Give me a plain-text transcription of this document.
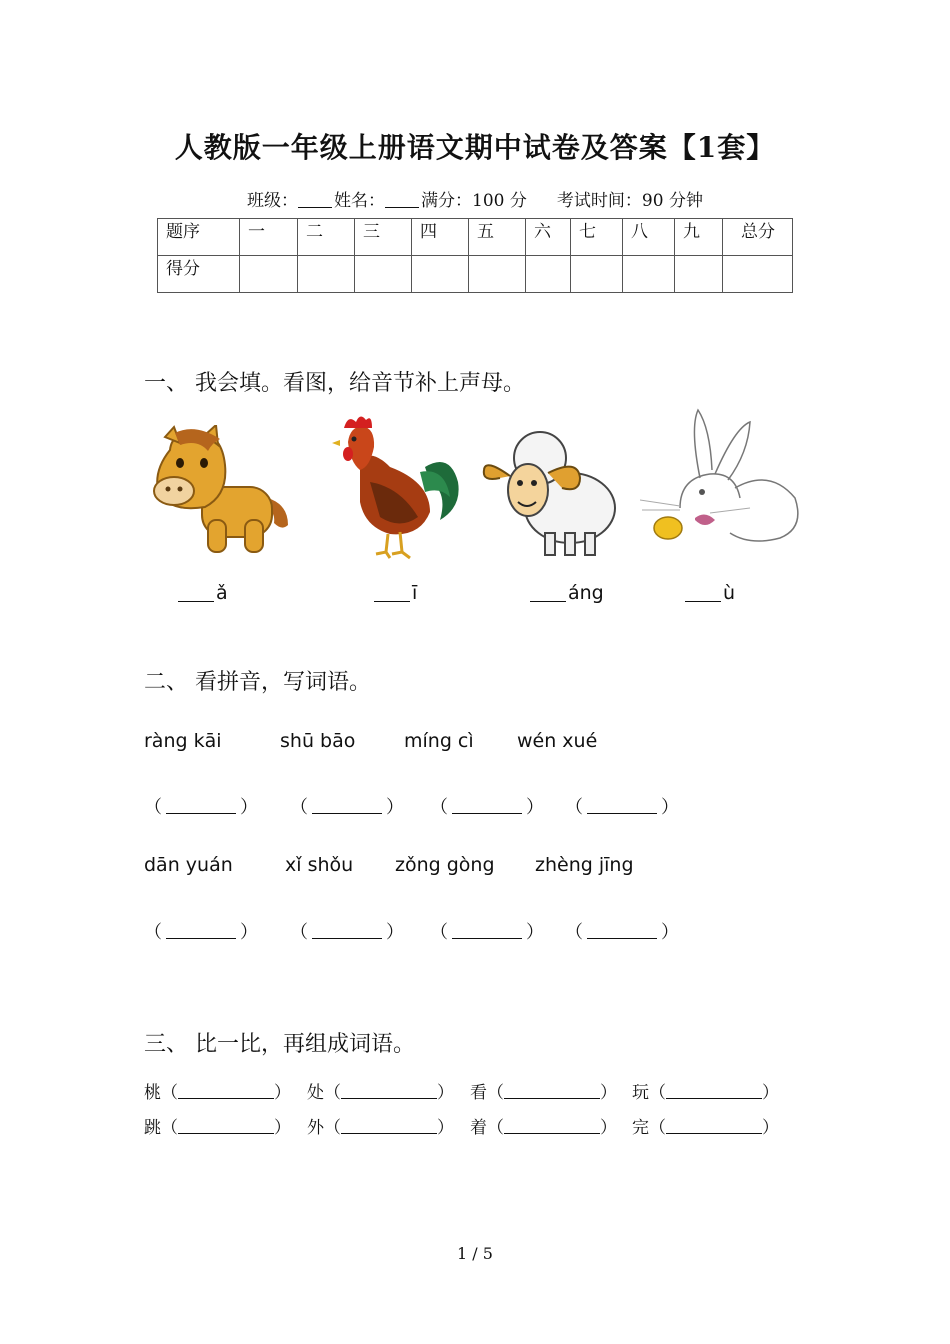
人教版一年级上册语文期中试卷及答案【1套】
班级： 姓名： 满分：100 分 考试时间：90 分钟
题序	一	二	三	四	五	六	七	八	九	总分
得分										
一、 我会填。看图，给音节补上声母。
ǎ	ī	áng	ù
二、 看拼音，写词语。
ràng kāi	shū bāo	míng cì wén xué
（	） （	） （	） （	）
dān yuán	xǐ shǒu zǒng gòng zhèng jīng
（	） （	） （	） （	）
三、 比一比，再组成词语。
桃（	） 处（	） 看（	） 玩（	）
跳（	） 外（	） 着（	） 完（	）
1 / 5
